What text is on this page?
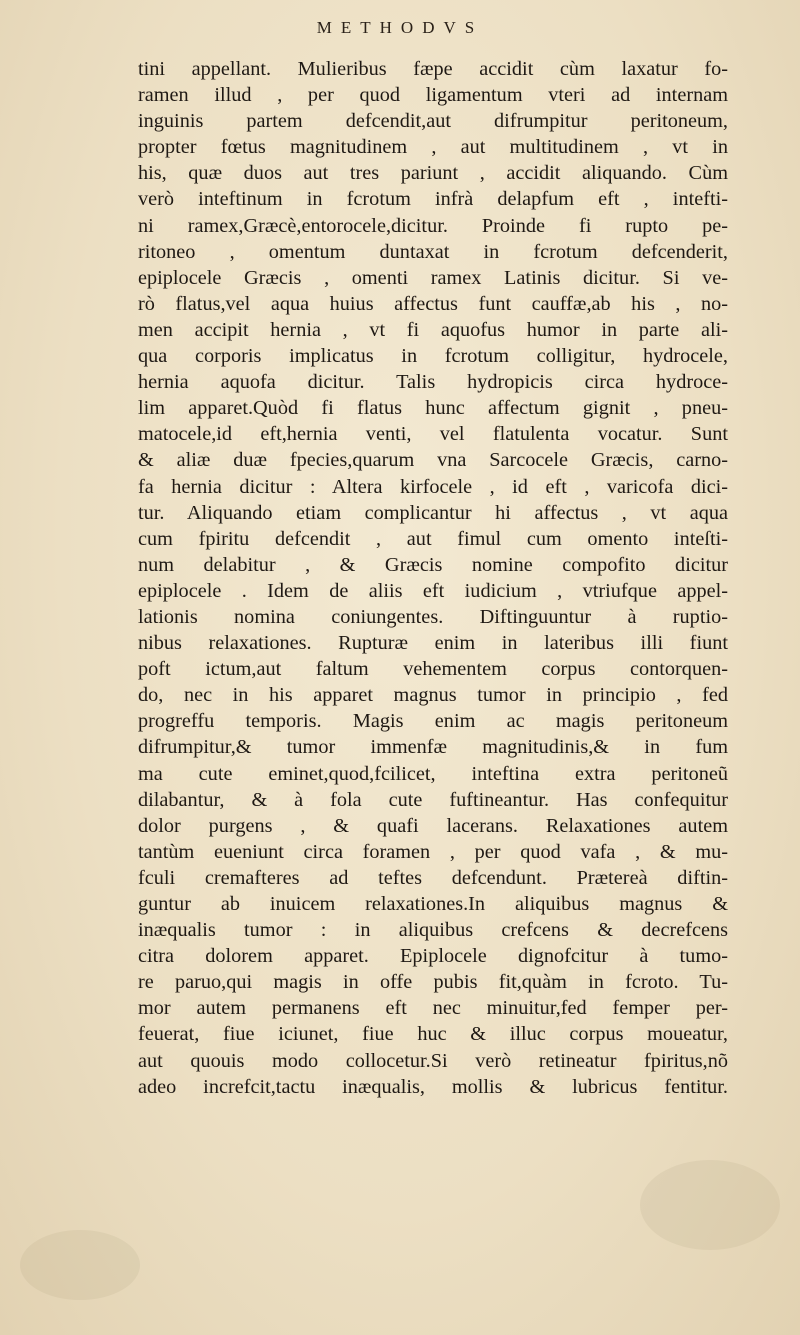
METHODVS
tini appellant. Mulieribus fæpe accidit cùm laxatur fo-
ramen illud , per quod ligamentum vteri ad internam
inguinis partem defcendit,aut difrumpitur peritoneum,
propter fœtus magnitudinem , aut multitudinem , vt in
his, quæ duos aut tres pariunt , accidit aliquando. Cùm
verò inteftinum in fcrotum infrà delapfum eft , intefti-
ni ramex,Græcè,entorocele,dicitur. Proinde fi rupto pe-
ritoneo , omentum duntaxat in fcrotum defcenderit,
epiplocele Græcis , omenti ramex Latinis dicitur. Si ve-
rò flatus,vel aqua huius affectus funt cauffæ,ab his , no-
men accipit hernia , vt fi aquofus humor in parte ali-
qua corporis implicatus in fcrotum colligitur, hydrocele,
hernia aquofa dicitur. Talis hydropicis circa hydroce-
lim apparet.Quòd fi flatus hunc affectum gignit , pneu-
matocele,id eft,hernia venti, vel flatulenta vocatur. Sunt
& aliæ duæ fpecies,quarum vna Sarcocele Græcis, carno-
fa hernia dicitur : Altera kirfocele , id eft , varicofa dici-
tur. Aliquando etiam complicantur hi affectus , vt aqua
cum fpiritu defcendit , aut fimul cum omento inteſti-
num delabitur , & Græcis nomine compofito dicitur
epiplocele . Idem de aliis eft iudicium , vtriufque appel-
lationis nomina coniungentes. Diftinguuntur à ruptio-
nibus relaxationes. Rupturæ enim in lateribus illi fiunt
poft ictum,aut faltum vehementem corpus contorquen-
do, nec in his apparet magnus tumor in principio , fed
progreffu temporis. Magis enim ac magis peritoneum
difrumpitur,& tumor immenfæ magnitudinis,& in fum
ma cute eminet,quod,fcilicet, inteftina extra peritoneũ
dilabantur, & à fola cute fuftineantur. Has confequitur
dolor purgens , & quafi lacerans. Relaxationes autem
tantùm eueniunt circa foramen , per quod vafa , & mu-
fculi cremafteres ad teftes defcendunt. Prætereà diftin-
guntur ab inuicem relaxationes.In aliquibus magnus &
inæqualis tumor : in aliquibus crefcens & decrefcens
citra dolorem apparet. Epiplocele dignofcitur à tumo-
re paruo,qui magis in offe pubis fit,quàm in fcroto. Tu-
mor autem permanens eft nec minuitur,fed femper per-
feuerat, fiue iciunet, fiue huc & illuc corpus moueatur,
aut quouis modo collocetur.Si verò retineatur fpiritus,nõ
adeo increfcit,tactu inæqualis, mollis & lubricus fentitur.
